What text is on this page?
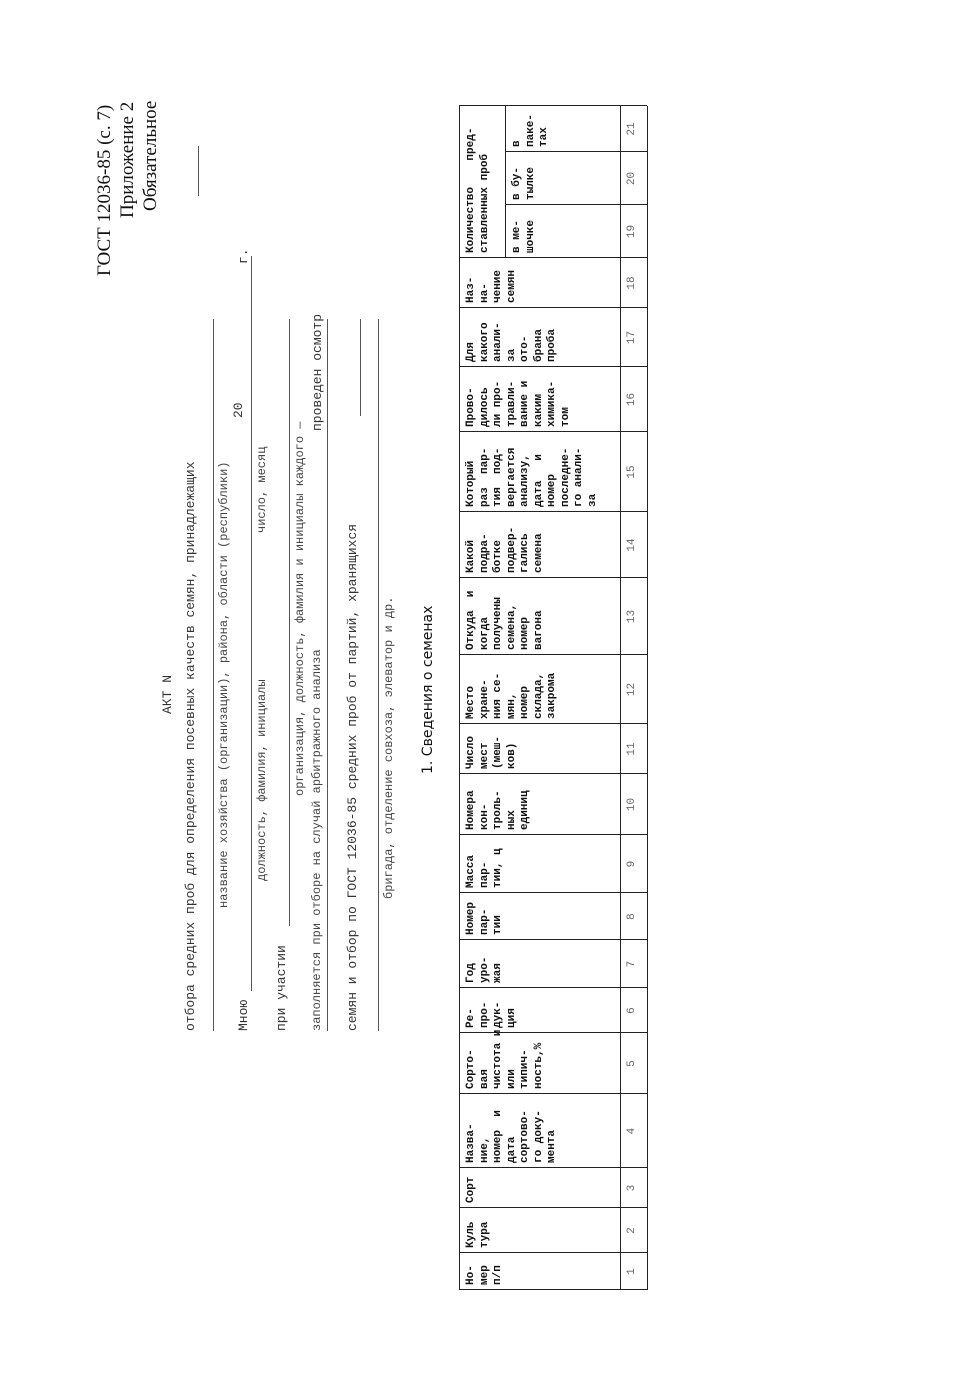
ГОСТ 12036-85 (с. 7) Приложение 2 Обязательное
АКТ N отбора средних проб для определения посевных качеств семян, принадлежащих название хозяйства (организации), района, области (республики)
Мною
20
г.
должность, фамилия, инициалы
число, месяц
при участии
организация, должность, фамилия и инициалы каждого —
заполняется при отборе на случай арбитражного анализа
проведен осмотр
семян и отбор по ГОСТ 12036-85 средних проб от партий, хранящихся бригада, отделение совхоза, элеватор и др. 1. Сведения о семенах
Но-
мер
п/п
Куль
тура
Сорт
Назва-
ние,
номер  и
дата
сортово-
го доку-
мента
Сорто-
вая
чистота и
или
типич-
ность,%
Ре-
про-
дук-
ция
Год
уро-
жая
Номер
пар-
тии
Масса
пар-
тии, ц
Номера
кон-
троль-
ных
единиц
Число
мест
(меш-
ков)
Место
хране-
ния се-
мян,
номер
склада,
закрома
Откуда  и
когда
получены
семена,
номер
вагона
Какой
подра-
ботке
подвер-
гались
семена
Который
раз  пар-
тия  под-
вергается
анализу,
дата   и
номер
последне-
го анали-
за
Прово-
дилось
ли про-
травли-
вание и
каким
химика-
том
Для
какого
анали-
за
ото-
брана
проба
Наз-
на-
чение
семян
Количество    пред-
ставленных проб
в ме-
шочке
в бу-
тылке
в
паке-
тах
1
2
3
4
5
6
7
8
9
10
11
12
13
14
15
16
17
18
19
20
21
